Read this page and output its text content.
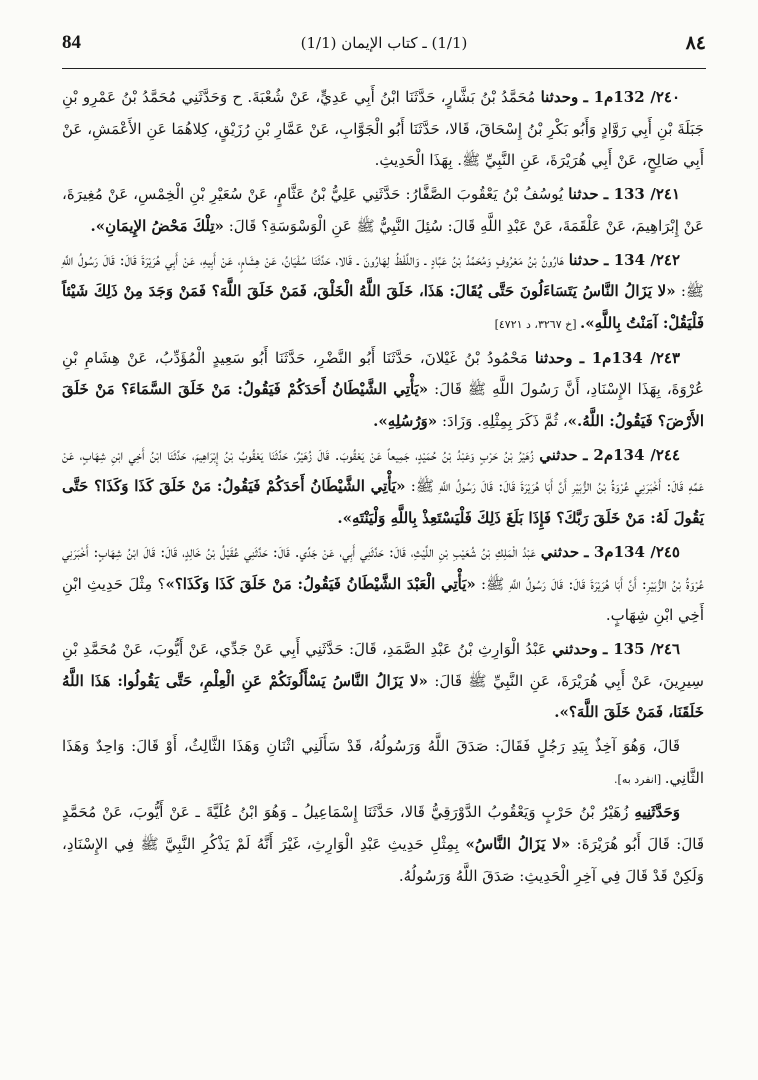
84	(1/1) ـ كتاب الإيمان (1/1)	٨٤

٢٤٠/ 132م1 ـ وحدثنا مُحَمَّدُ بْنُ بَشَّارٍ، حَدَّثَنَا ابْنُ أَبِي عَدِيٍّ، عَنْ شُعْبَةَ. ح وَحَدَّثَنِي مُحَمَّدُ بْنُ عَمْرِو بْنِ جَبَلَةَ بْنِ أَبِي رَوَّادٍ وَأَبُو بَكْرِ بْنُ إِسْحَاقَ، قَالا، حَدَّثَنَا أَبُو الْجَوَّابِ، عَنْ عَمَّارِ بْنِ رُزَيْقٍ، كِلاهُمَا عَنِ الأَعْمَشِ، عَنْ أَبِي صَالِحٍ، عَنْ أَبِي هُرَيْرَةَ، عَنِ النَّبِيِّ ﷺ. بِهَذَا الْحَدِيثِ.

٢٤١/ 133 ـ حدثنا يُوسُفُ بْنُ يَعْقُوبَ الصَّفَّارُ: حَدَّثَنِي عَلِيُّ بْنُ عَثَّامٍ، عَنْ سُعَيْرِ بْنِ الْخِمْسِ، عَنْ مُغِيرَةَ، عَنْ إِبْرَاهِيمَ، عَنْ عَلْقَمَةَ، عَنْ عَبْدِ اللَّهِ قَالَ: سُئِلَ النَّبِيُّ ﷺ عَنِ الْوَسْوَسَةِ؟ قَالَ: «تِلْكَ مَحْضُ الإِيمَانِ».

٢٤٢/ 134 ـ حدثنا هَارُونُ بْنُ مَعْرُوفٍ وَمُحَمَّدُ بْنُ عَبَّادٍ ـ وَاللَّفْظُ لِهَارُونَ ـ قَالا، حَدَّثَنَا سُفْيَانُ، عَنْ هِشَامٍ، عَنْ أَبِيهِ، عَنْ أَبِي هُرَيْرَةَ قَالَ: قَالَ رَسُولُ اللَّهِ ﷺ: «لا يَزَالُ النَّاسُ يَتَسَاءَلُونَ حَتَّى يُقَالَ: هَذَا، خَلَقَ اللَّهُ الْخَلْقَ، فَمَنْ خَلَقَ اللَّهَ؟ فَمَنْ وَجَدَ مِنْ ذَلِكَ شَيْئاً فَلْيَقُلْ: آمَنْتُ بِاللَّهِ». [خ ٣٢٦٧، د ٤٧٢١]

٢٤٣/ 134م1 ـ وحدثنا مَحْمُودُ بْنُ غَيْلانَ، حَدَّثَنَا أَبُو النَّضْرِ، حَدَّثَنَا أَبُو سَعِيدٍ الْمُؤَدِّبُ، عَنْ هِشَامِ بْنِ عُرْوَةَ، بِهَذَا الإِسْنَادِ، أَنَّ رَسُولَ اللَّهِ ﷺ قَالَ: «يَأْتِي الشَّيْطَانُ أَحَدَكُمْ فَيَقُولُ: مَنْ خَلَقَ السَّمَاءَ؟ مَنْ خَلَقَ الأَرْضَ؟ فَيَقُولُ: اللَّهُ.»، ثُمَّ ذَكَرَ بِمِثْلِهِ. وَزَادَ: «وَرُسُلِهِ».

٢٤٤/ 134م2 ـ حدثني زُهَيْرُ بْنُ حَرْبٍ وَعَبْدُ بْنُ حُمَيْدٍ، جَمِيعاً عَنْ يَعْقُوبَ. قَالَ زُهَيْرٌ، حَدَّثَنَا يَعْقُوبُ بْنُ إِبْرَاهِيمَ، حَدَّثَنَا ابْنُ أَخِي ابْنِ شِهَابٍ، عَنْ عَمِّهِ قَالَ: أَخْبَرَنِي عُرْوَةُ بْنُ الزُّبَيْرِ أَنَّ أَبَا هُرَيْرَةَ قَالَ: قَالَ رَسُولُ اللَّهِ ﷺ: «يَأْتِي الشَّيْطَانُ أَحَدَكُمْ فَيَقُولُ: مَنْ خَلَقَ كَذَا وَكَذَا؟ حَتَّى يَقُولَ لَهُ: مَنْ خَلَقَ رَبَّكَ؟ فَإِذَا بَلَغَ ذَلِكَ فَلْيَسْتَعِذْ بِاللَّهِ وَلْيَنْتَهِ».

٢٤٥/ 134م3 ـ حدثني عَبْدُ الْمَلِكِ بْنُ شُعَيْبِ بْنِ اللَّيْثِ، قَالَ: حَدَّثَنِي أَبِي، عَنْ جَدِّي. قَالَ: حَدَّثَنِي عُقَيْلُ بْنُ خَالِدٍ، قَالَ: قَالَ ابْنُ شِهَابٍ: أَخْبَرَنِي عُرْوَةُ بْنُ الزُّبَيْرِ: أَنَّ أَبَا هُرَيْرَةَ قَالَ: قَالَ رَسُولُ اللَّهِ ﷺ: «يَأْتِي الْعَبْدَ الشَّيْطَانُ فَيَقُولُ: مَنْ خَلَقَ كَذَا وَكَذَا؟»؟ مِثْلَ حَدِيثِ ابْنِ أَخِي ابْنِ شِهَابٍ.

٢٤٦/ 135 ـ وحدثني عَبْدُ الْوَارِثِ بْنُ عَبْدِ الصَّمَدِ، قَالَ: حَدَّثَنِي أَبِي عَنْ جَدِّي، عَنْ أَيُّوبَ، عَنْ مُحَمَّدِ بْنِ سِيرِينَ، عَنْ أَبِي هُرَيْرَةَ، عَنِ النَّبِيِّ ﷺ قَالَ: «لا يَزَالُ النَّاسُ يَسْأَلُونَكُمْ عَنِ الْعِلْمِ، حَتَّى يَقُولُوا: هَذَا اللَّهُ خَلَقَنَا، فَمَنْ خَلَقَ اللَّهَ؟».

قَالَ، وَهُوَ آخِذٌ بِيَدِ رَجُلٍ فَقَالَ: صَدَقَ اللَّهُ وَرَسُولُهُ، قَدْ سَأَلَنِي اثْنَانِ وَهَذَا الثَّالِثُ، أَوْ قَالَ: وَاحِدٌ وَهَذَا الثَّانِي. [انفرد به].

وَحَدَّثَنِيهِ زُهَيْرُ بْنُ حَرْبٍ وَيَعْقُوبُ الدَّوْرَقِيُّ قَالا، حَدَّثَنَا إِسْمَاعِيلُ ـ وَهُوَ ابْنُ عُلَيَّةَ ـ عَنْ أَيُّوبَ، عَنْ مُحَمَّدٍ قَالَ: قَالَ أَبُو هُرَيْرَةَ: «لا يَزَالُ النَّاسُ» بِمِثْلِ حَدِيثِ عَبْدِ الْوَارِثِ، غَيْرَ أَنَّهُ لَمْ يَذْكُرِ النَّبِيَّ ﷺ فِي الإِسْنَادِ، وَلَكِنْ قَدْ قَالَ فِي آخِرِ الْحَدِيثِ: صَدَقَ اللَّهُ وَرَسُولُهُ.
